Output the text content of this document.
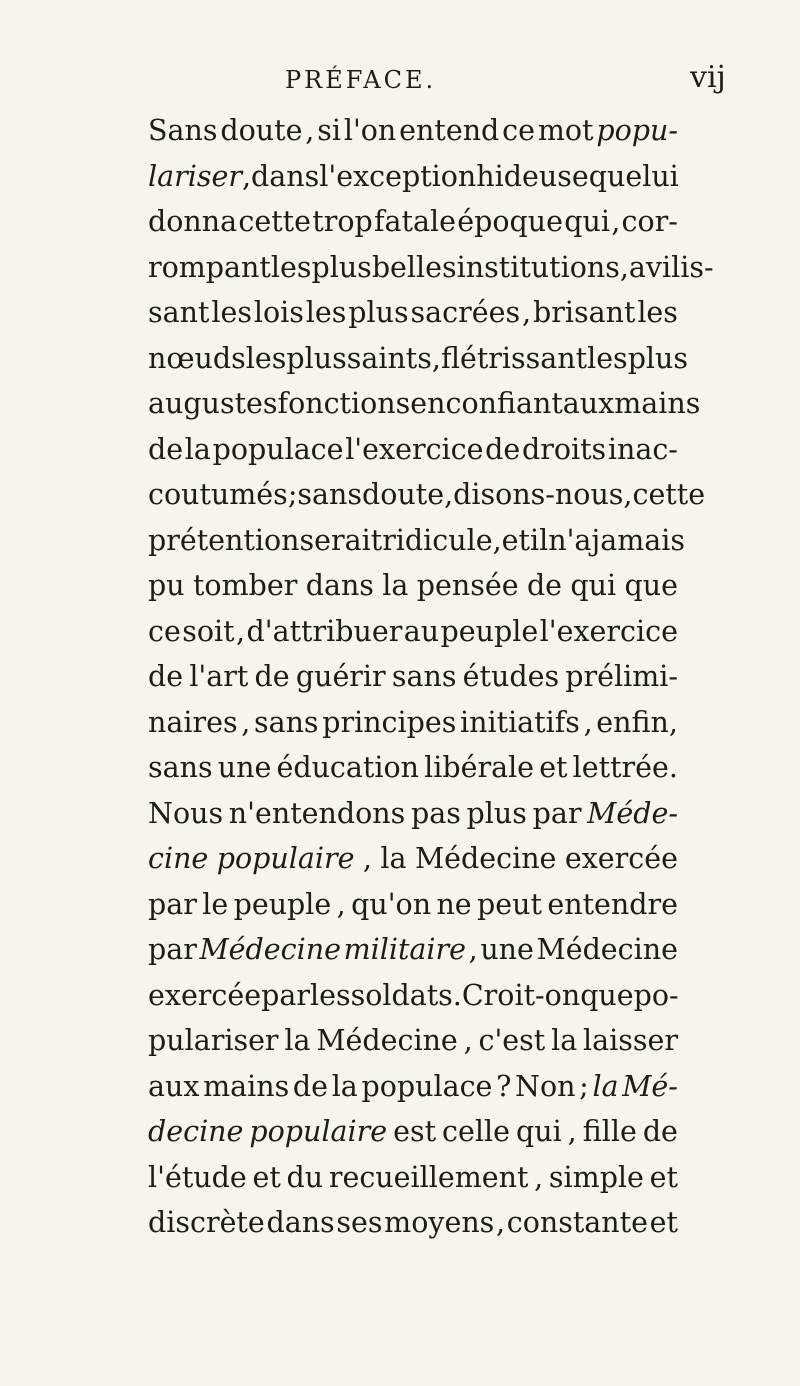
PRÉFACE.	vij
Sans doute , si l'on entend ce mot popu-
lariser , dans l'exception hideuse que lui
donna cette trop fatale époque qui , cor-
rompant les plus belles institutions, avilis-
sant les lois les plus sacrées , brisant les
nœuds les plus saints, flétrissant les plus
augustes fonctions en confiant aux mains
de la populace l'exercice de droits inac-
coutumés ; sans doute , disons-nous, cette
prétention serait ridicule, et il n'a jamais
pu tomber dans la pensée de qui que
ce soit , d'attribuer au peuple l'exercice
de l'art de guérir sans études prélimi-
naires , sans principes initiatifs , enfin,
sans une éducation libérale et lettrée.
Nous n'entendons pas plus par Méde-
cine populaire , la Médecine exercée
par le peuple , qu'on ne peut entendre
par Médecine militaire , une Médecine
exercée par les soldats. Croit-on que po-
pulariser la Médecine , c'est la laisser
aux mains de la populace ? Non ; la Mé-
decine populaire est celle qui , fille de
l'étude et du recueillement , simple et
discrète dans ses moyens , constante et
